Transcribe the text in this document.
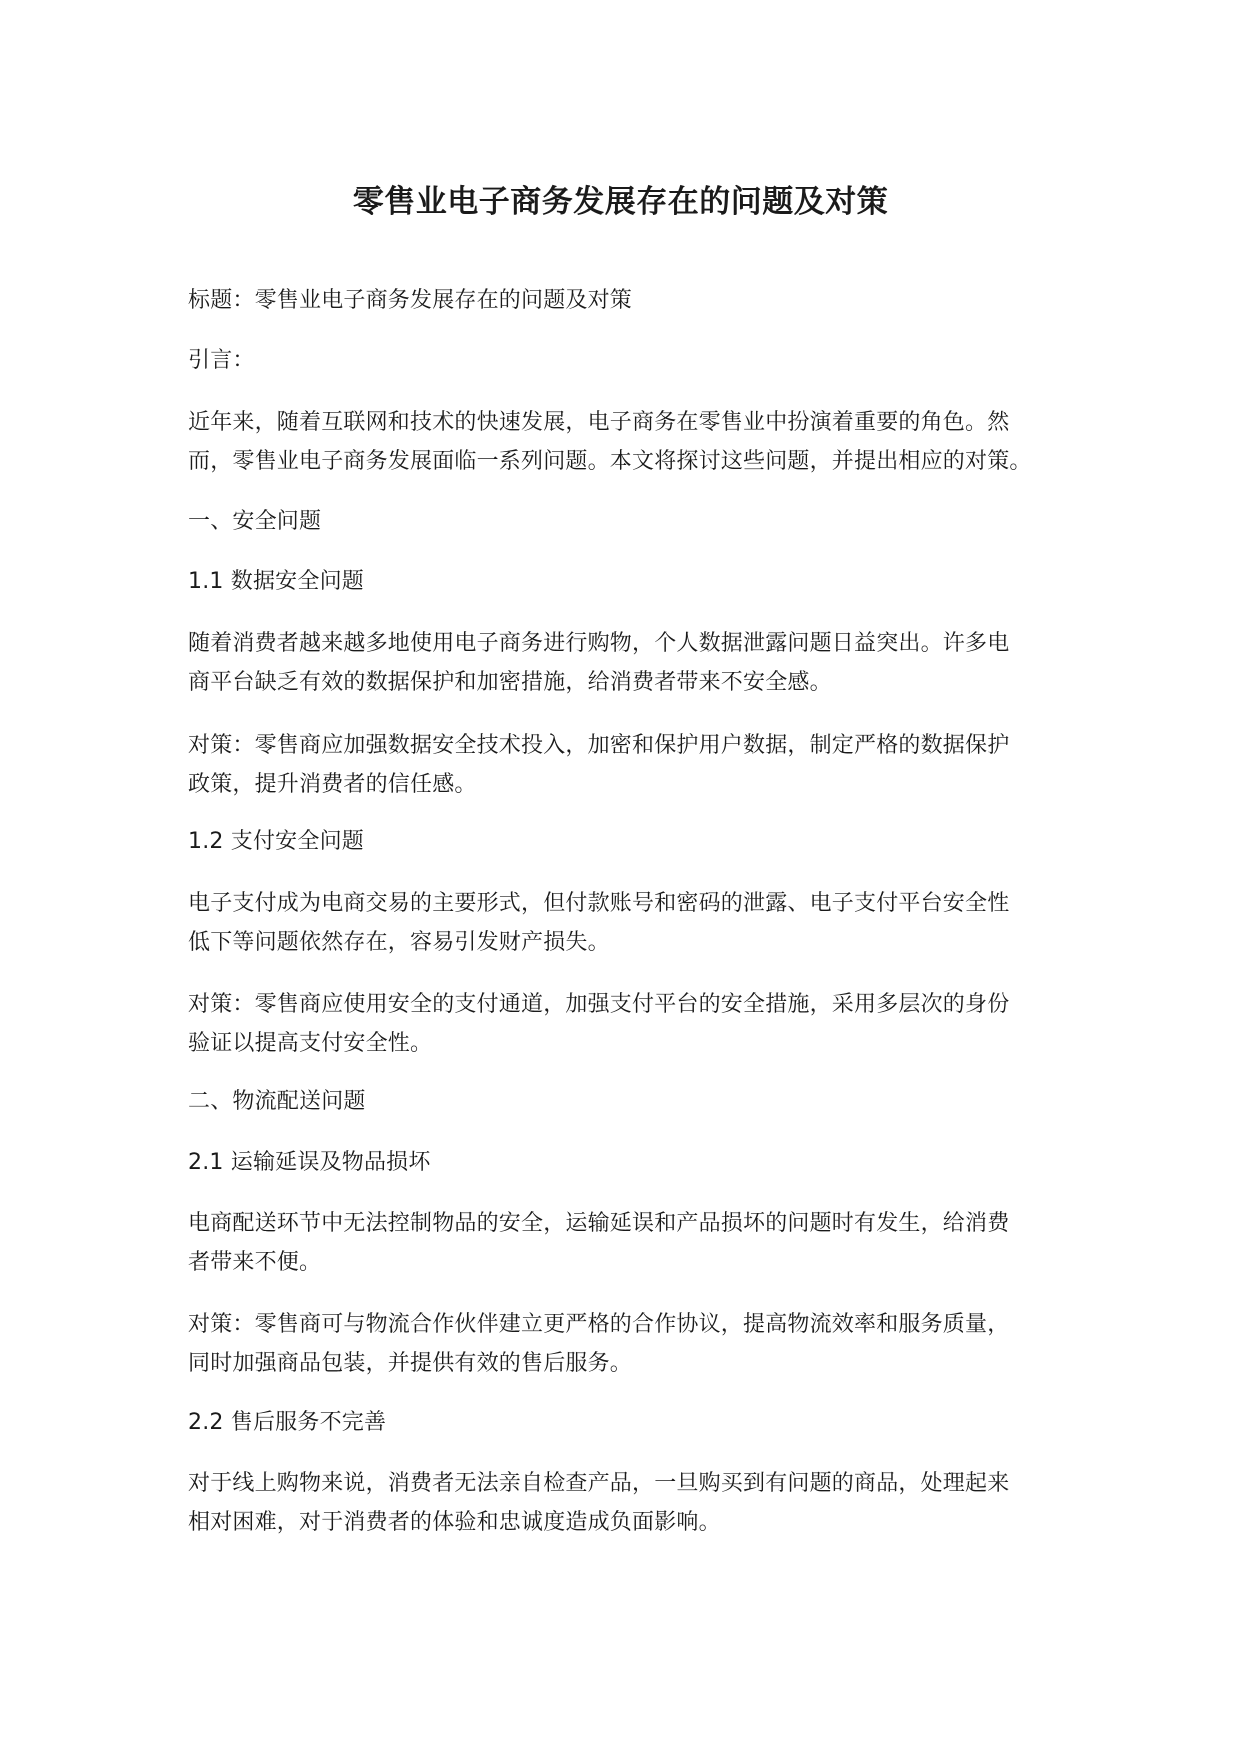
零售业电子商务发展存在的问题及对策

标题：零售业电子商务发展存在的问题及对策

引言：

近年来，随着互联网和技术的快速发展，电子商务在零售业中扮演着重要的角色。然

而，零售业电子商务发展面临一系列问题。本文将探讨这些问题，并提出相应的对策。

一、安全问题

1.1 数据安全问题

随着消费者越来越多地使用电子商务进行购物，个人数据泄露问题日益突出。许多电

商平台缺乏有效的数据保护和加密措施，给消费者带来不安全感。

对策：零售商应加强数据安全技术投入，加密和保护用户数据，制定严格的数据保护

政策，提升消费者的信任感。

1.2 支付安全问题

电子支付成为电商交易的主要形式，但付款账号和密码的泄露、电子支付平台安全性

低下等问题依然存在，容易引发财产损失。

对策：零售商应使用安全的支付通道，加强支付平台的安全措施，采用多层次的身份

验证以提高支付安全性。

二、物流配送问题

2.1 运输延误及物品损坏

电商配送环节中无法控制物品的安全，运输延误和产品损坏的问题时有发生，给消费

者带来不便。

对策：零售商可与物流合作伙伴建立更严格的合作协议，提高物流效率和服务质量，

同时加强商品包装，并提供有效的售后服务。

2.2 售后服务不完善

对于线上购物来说，消费者无法亲自检查产品，一旦购买到有问题的商品，处理起来

相对困难，对于消费者的体验和忠诚度造成负面影响。
